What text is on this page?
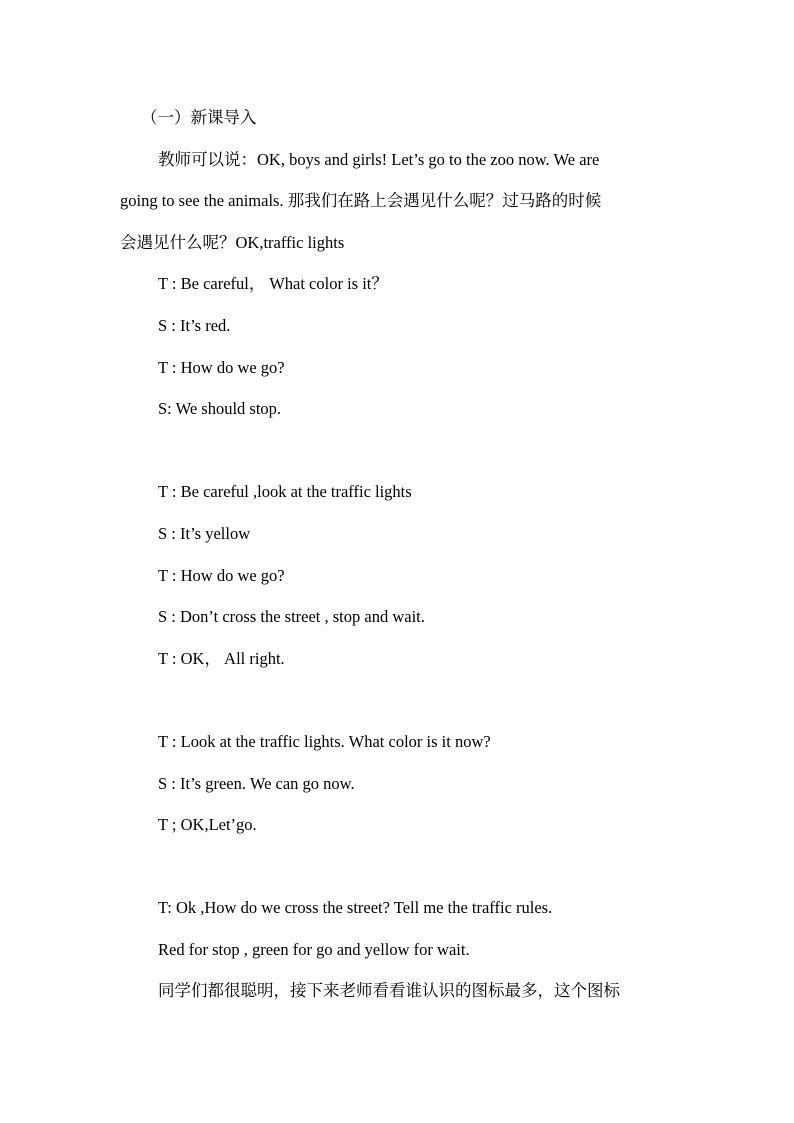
（一）新课导入
教师可以说：OK, boys and girls! Let’s go to the zoo now. We are
going to see the animals. 那我们在路上会遇见什么呢？过马路的时候
会遇见什么呢？OK,traffic lights
T : Be careful， What color is it？
S : It’s red.
T : How do we go?
S: We should stop.
T : Be careful ,look at the traffic lights
S : It’s yellow
T : How do we go?
S : Don’t cross the street , stop and wait.
T : OK， All right.
T : Look at the traffic lights. What color is it now?
S : It’s green. We can go now.
T ; OK,Let’go.
T: Ok ,How do we cross the street? Tell me the traffic rules.
Red for stop , green for go and yellow for wait.
同学们都很聪明，接下来老师看看谁认识的图标最多，这个图标
